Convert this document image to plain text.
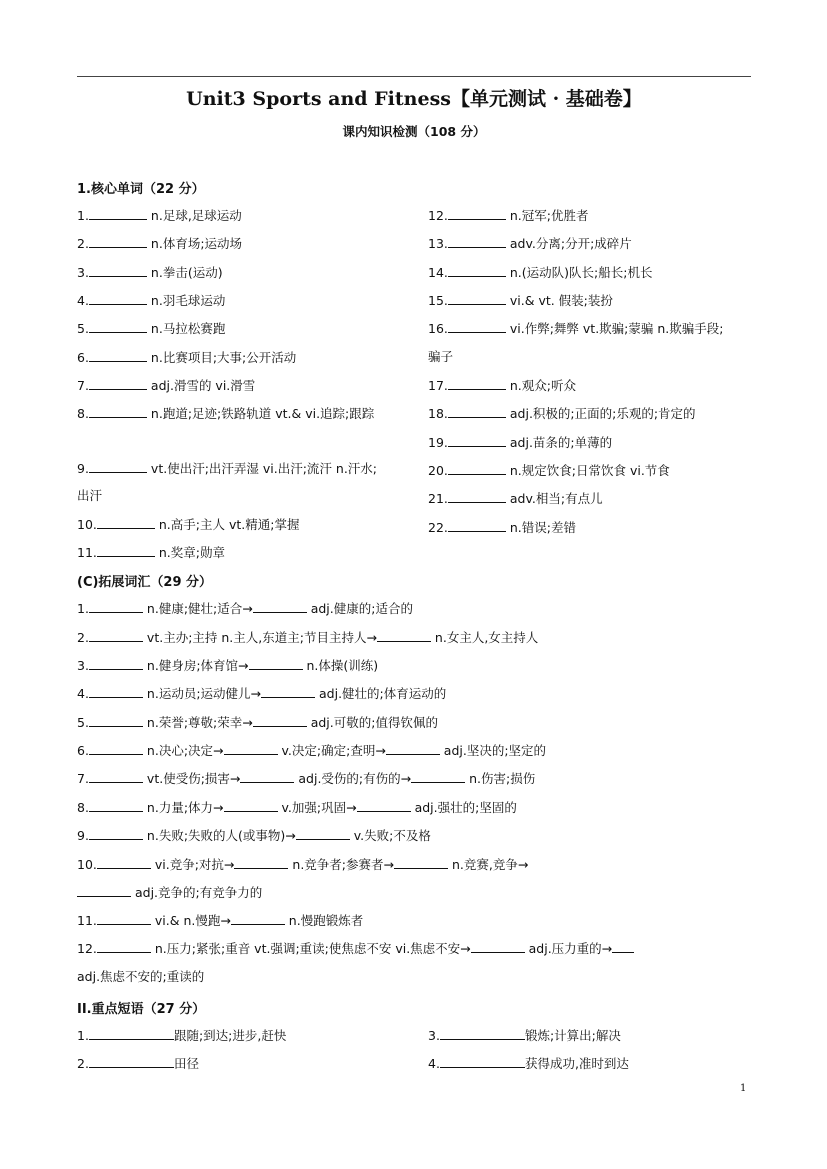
Unit3 Sports and Fitness【单元测试 · 基础卷】
课内知识检测（108 分）
1.核心单词（22 分）
1.	n.足球,足球运动
2.	n.体育场;运动场
3.	n.拳击(运动)
4.	n.羽毛球运动
5.	n.马拉松赛跑
6.	n.比赛项目;大事;公开活动
7.	adj.滑雪的 vi.滑雪
8.	n.跑道;足迹;铁路轨道 vt.& vi.追踪;跟踪
9.	vt.使出汗;出汗弄湿 vi.出汗;流汗 n.汗水;
出汗
10.	n.高手;主人 vt.精通;掌握
11.	n.奖章;勋章
12.	n.冠军;优胜者
13.	adv.分离;分开;成碎片
14.	n.(运动队)队长;船长;机长
15.	vi.& vt. 假装;装扮
16.	vi.作弊;舞弊 vt.欺骗;蒙骗 n.欺骗手段;
骗子
17.	n.观众;听众
18.	adj.积极的;正面的;乐观的;肯定的
19.	adj.苗条的;单薄的
20.	n.规定饮食;日常饮食 vi.节食
21.	adv.相当;有点儿
22.	n.错误;差错
(C)拓展词汇（29 分）
1.	n.健康;健壮;适合→	adj.健康的;适合的
2.	vt.主办;主持 n.主人,东道主;节目主持人→	n.女主人,女主持人
3.	n.健身房;体育馆→	n.体操(训练)
4.	n.运动员;运动健儿→	adj.健壮的;体育运动的
5.	n.荣誉;尊敬;荣幸→	adj.可敬的;值得钦佩的
6.	n.决心;决定→	v.决定;确定;查明→	adj.坚决的;坚定的
7.	vt.使受伤;损害→	adj.受伤的;有伤的→	n.伤害;损伤
8.	n.力量;体力→	v.加强;巩固→	adj.强壮的;坚固的
9.	n.失败;失败的人(或事物)→	v.失败;不及格
10.	vi.竞争;对抗→	n.竞争者;参赛者→	n.竞赛,竞争→
adj.竞争的;有竞争力的
11.	vi.& n.慢跑→	n.慢跑锻炼者
12.	n.压力;紧张;重音 vt.强调;重读;使焦虑不安 vi.焦虑不安→	adj.压力重的→
adj.焦虑不安的;重读的
II.重点短语（27 分）
1.	跟随;到达;进步,赶快
2.	田径
3.	锻炼;计算出;解决
4.	获得成功,准时到达
1
